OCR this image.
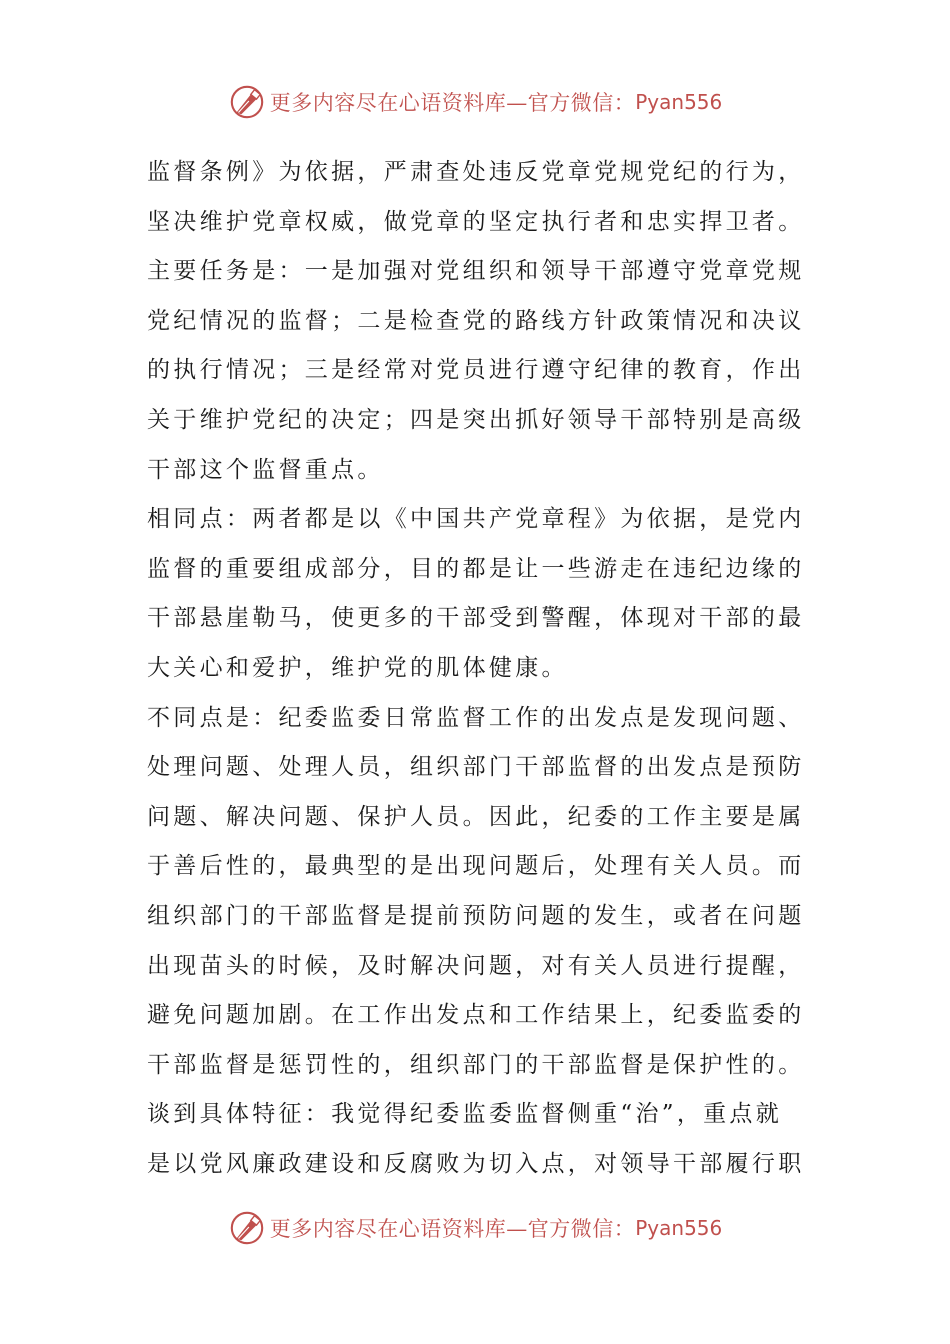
更多内容尽在心语资料库—官方微信： Pyan556
监督条例》为依据，严肃查处违反党章党规党纪的行为，
坚决维护党章权威，做党章的坚定执行者和忠实捍卫者。
主要任务是：一是加强对党组织和领导干部遵守党章党规
党纪情况的监督；二是检查党的路线方针政策情况和决议
的执行情况；三是经常对党员进行遵守纪律的教育，作出
关于维护党纪的决定；四是突出抓好领导干部特别是高级
干部这个监督重点。
相同点：两者都是以《中国共产党章程》为依据，是党内
监督的重要组成部分，目的都是让一些游走在违纪边缘的
干部悬崖勒马，使更多的干部受到警醒，体现对干部的最
大关心和爱护，维护党的肌体健康。
不同点是：纪委监委日常监督工作的出发点是发现问题、
处理问题、处理人员，组织部门干部监督的出发点是预防
问题、解决问题、保护人员。因此，纪委的工作主要是属
于善后性的，最典型的是出现问题后，处理有关人员。而
组织部门的干部监督是提前预防问题的发生，或者在问题
出现苗头的时候，及时解决问题，对有关人员进行提醒，
避免问题加剧。在工作出发点和工作结果上，纪委监委的
干部监督是惩罚性的，组织部门的干部监督是保护性的。
谈到具体特征：我觉得纪委监委监督侧重“治”，重点就
是以党风廉政建设和反腐败为切入点，对领导干部履行职
更多内容尽在心语资料库—官方微信： Pyan556
